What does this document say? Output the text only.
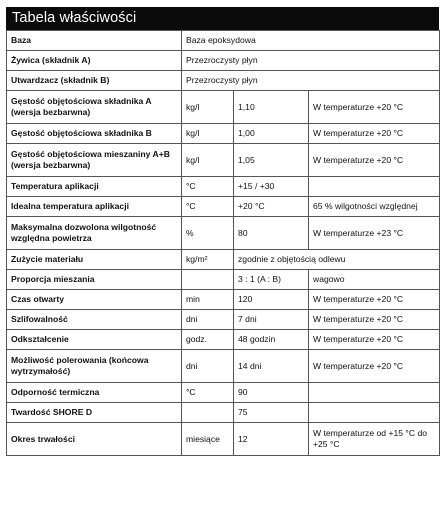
Tabela właściwości
Baza	Baza epoksydowa		
Żywica (składnik A)	Przezroczysty płyn		
Utwardzacz (składnik B)	Przezroczysty płyn		
Gęstość objętościowa składnika A (wersja bezbarwna)	kg/l	1,10	W temperaturze +20 °C
Gęstość objętościowa składnika B	kg/l	1,00	W temperaturze +20 °C
Gęstość objętościowa mieszaniny A+B (wersja bezbarwna)	kg/l	1,05	W temperaturze +20 °C
Temperatura aplikacji	°C	+15 / +30	
Idealna temperatura aplikacji	°C	+20 °C	65 % wilgotności względnej
Maksymalna dozwolona wilgotność względna powietrza	%	80	W temperaturze +23 °C
Zużycie materiału	kg/m²	zgodnie z objętością odlewu	
Proporcja mieszania		3 : 1 (A : B)	wagowo
Czas otwarty	min	120	W temperaturze +20 °C
Szlifowalność	dni	7 dni	W temperaturze +20 °C
Odkształcenie	godz.	48 godzin	W temperaturze +20 °C
Możliwość polerowania (końcowa wytrzymałość)	dni	14 dni	W temperaturze +20 °C
Odporność termiczna	°C	90	
Twardość SHORE D		75	
Okres trwałości	miesiące	12	W temperaturze od +15 °C do +25 °C
